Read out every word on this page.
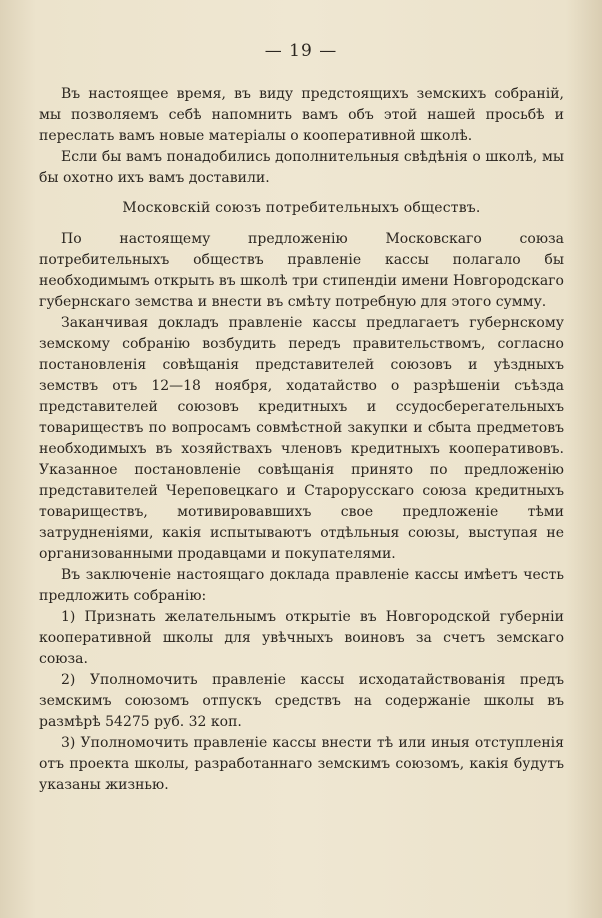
— 19 —

Въ настоящее время, въ виду предстоящихъ земскихъ собраній, мы позволяемъ себѣ напомнить вамъ объ этой нашей просьбѣ и переслать вамъ новые матеріалы о кооперативной школѣ.

Если бы вамъ понадобились дополнительныя свѣдѣнія о школѣ, мы бы охотно ихъ вамъ доставили.

Московскій союзъ потребительныхъ обществъ.

По настоящему предложенію Московскаго союза потребительныхъ обществъ правленіе кассы полагало бы необходимымъ открыть въ школѣ три стипендіи имени Новгородскаго губернскаго земства и внести въ смѣту потребную для этого сумму.

Заканчивая докладъ правленіе кассы предлагаетъ губернскому земскому собранію возбудить передъ правительствомъ, согласно постановленія совѣщанія представителей союзовъ и уѣздныхъ земствъ отъ 12—18 ноября, ходатайство о разрѣшеніи съѣзда представителей союзовъ кредитныхъ и ссудосберегательныхъ товариществъ по вопросамъ совмѣстной закупки и сбыта предметовъ необходимыхъ въ хозяйствахъ членовъ кредитныхъ кооперативовъ. Указанное постановленіе совѣщанія принято по предложенію представителей Череповецкаго и Старорусскаго союза кредитныхъ товариществъ, мотивировавшихъ свое предложеніе тѣми затрудненіями, какія испытываютъ отдѣльныя союзы, выступая не организованными продавцами и покупателями.

Въ заключеніе настоящаго доклада правленіе кассы имѣетъ честь предложить собранію:

1) Признать желательнымъ открытіе въ Новгородской губерніи кооперативной школы для увѣчныхъ воиновъ за счетъ земскаго союза.

2) Уполномочить правленіе кассы исходатайствованія предъ земскимъ союзомъ отпускъ средствъ на содержаніе школы въ размѣрѣ 54275 руб. 32 коп.

3) Уполномочить правленіе кассы внести тѣ или иныя отступленія отъ проекта школы, разработаннаго земскимъ союзомъ, какія будутъ указаны жизнью.
